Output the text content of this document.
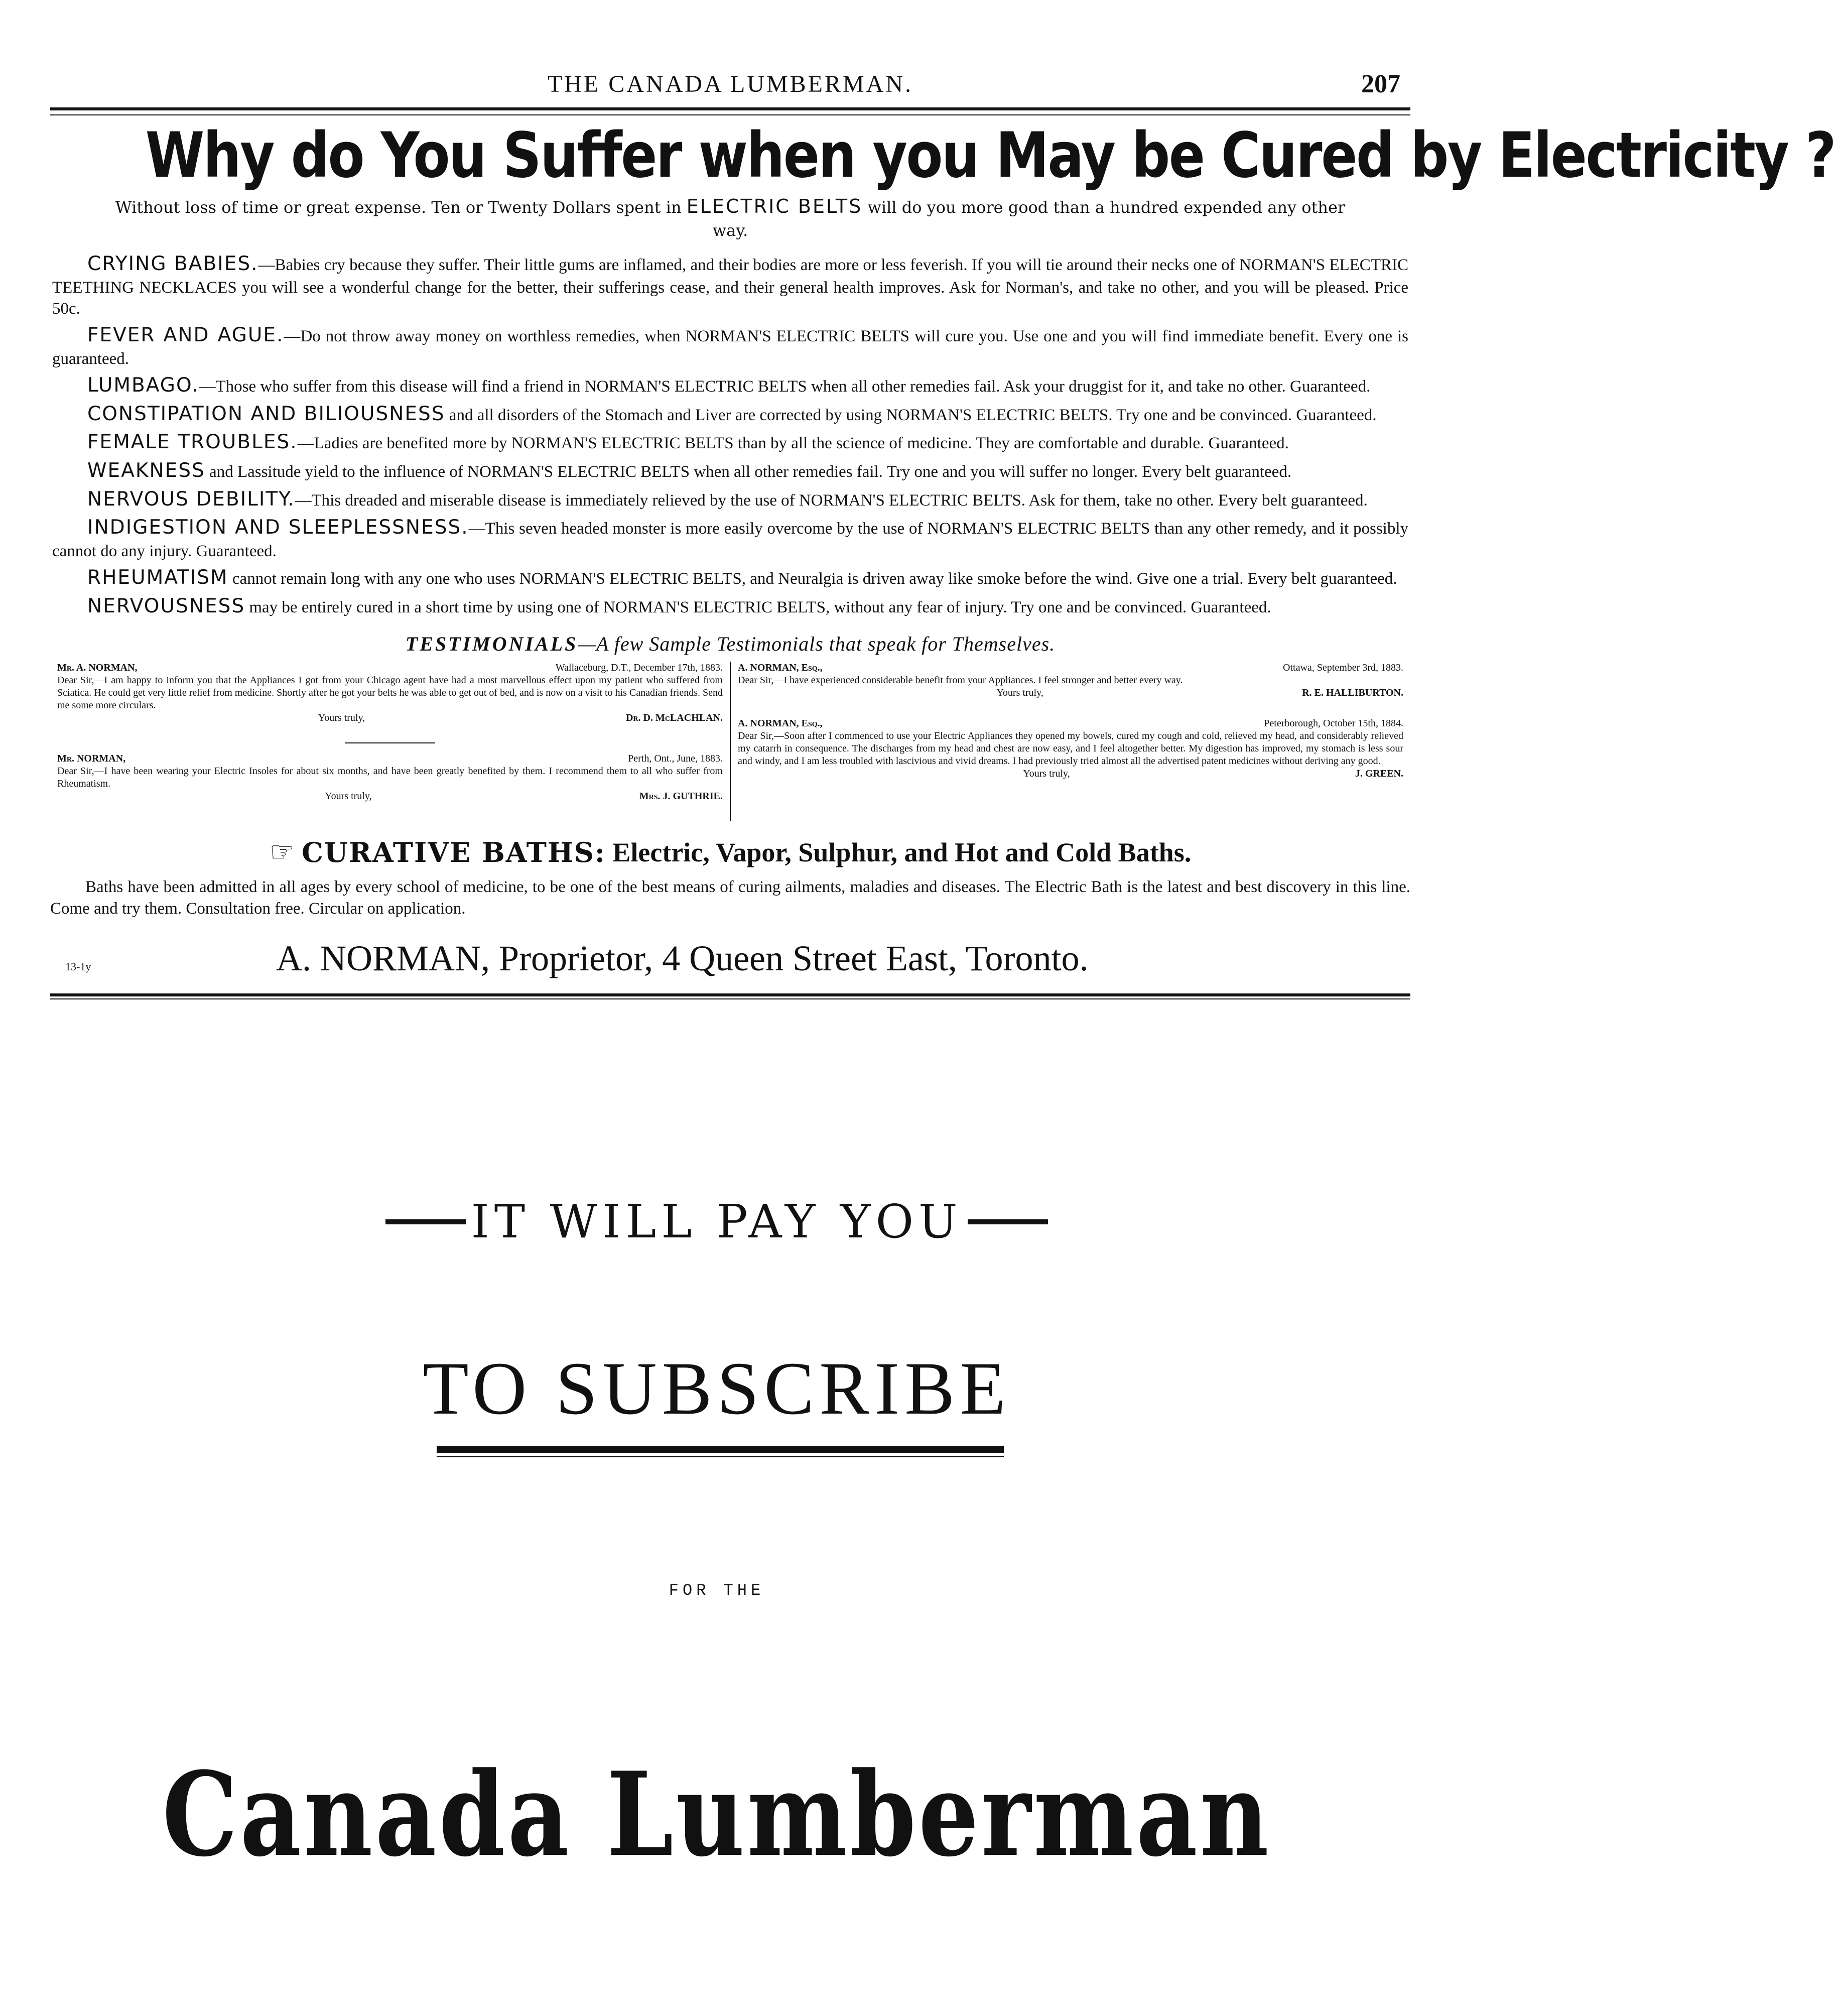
THE CANADA LUMBERMAN.	207
Why do You Suffer when you May be Cured by Electricity ?
Without loss of time or great expense. Ten or Twenty Dollars spent in ELECTRIC BELTS will do you more good than a hundred expended any other way.

CRYING BABIES.—Babies cry because they suffer. Their little gums are inflamed, and their bodies are more or less feverish. If you will tie around their necks one of NORMAN'S ELECTRIC TEETHING NECKLACES you will see a wonderful change for the better, their sufferings cease, and their general health improves. Ask for Norman's, and take no other, and you will be pleased. Price 50c.

FEVER AND AGUE.—Do not throw away money on worthless remedies, when NORMAN'S ELECTRIC BELTS will cure you. Use one and you will find immediate benefit. Every one is guaranteed.

LUMBAGO.—Those who suffer from this disease will find a friend in NORMAN'S ELECTRIC BELTS when all other remedies fail. Ask your druggist for it, and take no other. Guaranteed.

CONSTIPATION AND BILIOUSNESS and all disorders of the Stomach and Liver are corrected by using NORMAN'S ELECTRIC BELTS. Try one and be convinced. Guaranteed.

FEMALE TROUBLES.—Ladies are benefited more by NORMAN'S ELECTRIC BELTS than by all the science of medicine. They are comfortable and durable. Guaranteed.

WEAKNESS and Lassitude yield to the influence of NORMAN'S ELECTRIC BELTS when all other remedies fail. Try one and you will suffer no longer. Every belt guaranteed.

NERVOUS DEBILITY.—This dreaded and miserable disease is immediately relieved by the use of NORMAN'S ELECTRIC BELTS. Ask for them, take no other. Every belt guaranteed.

INDIGESTION AND SLEEPLESSNESS.—This seven headed monster is more easily overcome by the use of NORMAN'S ELECTRIC BELTS than any other remedy, and it possibly cannot do any injury. Guaranteed.

RHEUMATISM cannot remain long with any one who uses NORMAN'S ELECTRIC BELTS, and Neuralgia is driven away like smoke before the wind. Give one a trial. Every belt guaranteed.

NERVOUSNESS may be entirely cured in a short time by using one of NORMAN'S ELECTRIC BELTS, without any fear of injury. Try one and be convinced. Guaranteed.

TESTIMONIALS—A few Sample Testimonials that speak for Themselves.
Mr. A. NORMAN,	Wallaceburg, D.T., December 17th, 1883.
Dear Sir,—I am happy to inform you that the Appliances I got from your Chicago agent have had a most marvellous effect upon my patient who suffered from Sciatica. He could get very little relief from medicine. Shortly after he got your belts he was able to get out of bed, and is now on a visit to his Canadian friends. Send me some more circulars.
Yours truly,	Dr. D. McLACHLAN.
Mr. NORMAN,	Perth, Ont., June, 1883.
Dear Sir,—I have been wearing your Electric Insoles for about six months, and have been greatly benefited by them. I recommend them to all who suffer from Rheumatism.
Yours truly,	Mrs. J. GUTHRIE.
A. NORMAN, Esq.,	Ottawa, September 3rd, 1883.
Dear Sir,—I have experienced considerable benefit from your Appliances. I feel stronger and better every way.
Yours truly,	R. E. HALLIBURTON.
A. NORMAN, Esq.,	Peterborough, October 15th, 1884.
Dear Sir,—Soon after I commenced to use your Electric Appliances they opened my bowels, cured my cough and cold, relieved my head, and considerably relieved my catarrh in consequence. The discharges from my head and chest are now easy, and I feel altogether better. My digestion has improved, my stomach is less sour and windy, and I am less troubled with lascivious and vivid dreams. I had previously tried almost all the advertised patent medicines without deriving any good.
Yours truly,	J. GREEN.
☞ CURATIVE BATHS:
Electric, Vapor, Sulphur, and Hot and Cold Baths.

Baths have been admitted in all ages by every school of medicine, to be one of the best means of curing ailments, maladies and diseases. The Electric Bath is the latest and best discovery in this line. Come and try them. Consultation free. Circular on application.

13-1y	A. NORMAN, Proprietor, 4 Queen Street East, Toronto.
IT WILL PAY YOU
TO SUBSCRIBE
FOR THE
Canada Lumberman
